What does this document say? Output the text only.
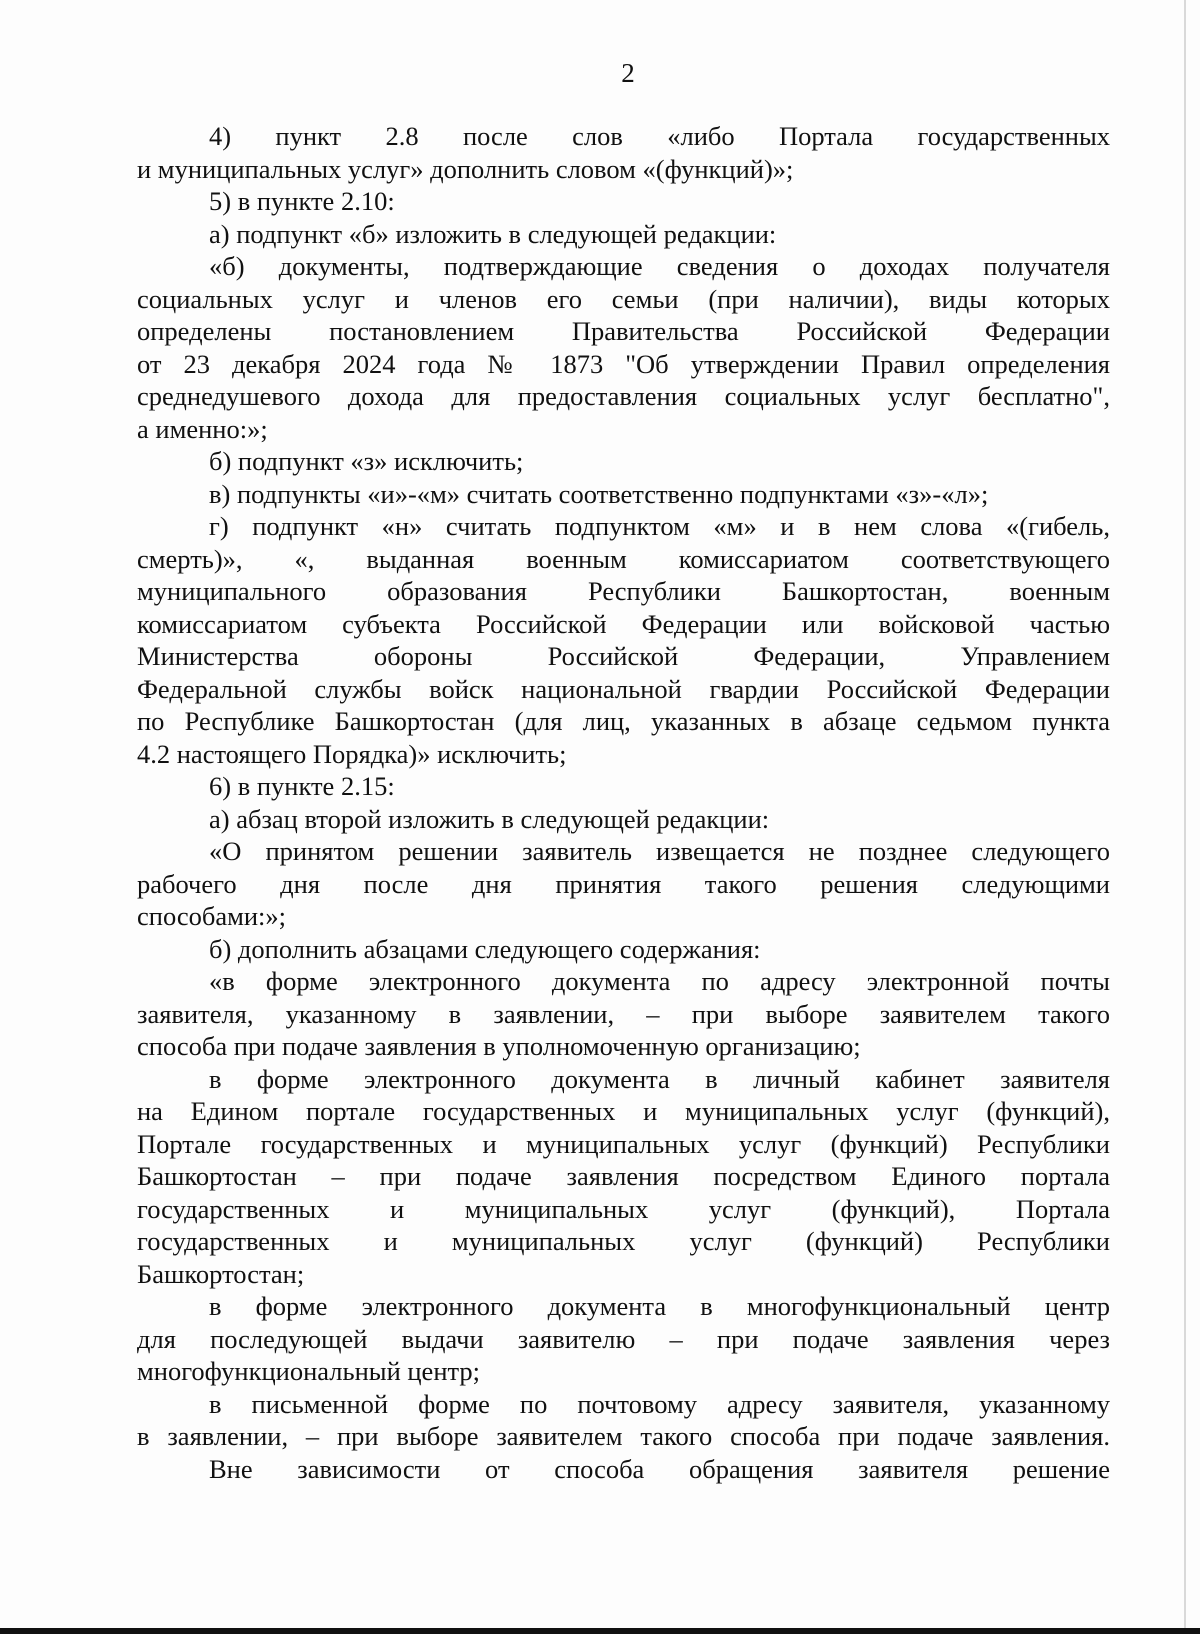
2
4) пункт 2.8 после слов «либо Портала государственных
и муниципальных услуг» дополнить словом «(функций)»;
5) в пункте 2.10:
а) подпункт «б» изложить в следующей редакции:
«б) документы, подтверждающие сведения о доходах получателя
социальных услуг и членов его семьи (при наличии), виды которых
определены постановлением Правительства Российской Федерации
от 23 декабря 2024 года № 1873 "Об утверждении Правил определения
среднедушевого дохода для предоставления социальных услуг бесплатно",
а именно:»;
б) подпункт «з» исключить;
в) подпункты «и»-«м» считать соответственно подпунктами «з»-«л»;
г) подпункт «н» считать подпунктом «м» и в нем слова «(гибель,
смерть)», «, выданная военным комиссариатом соответствующего
муниципального образования Республики Башкортостан, военным
комиссариатом субъекта Российской Федерации или войсковой частью
Министерства обороны Российской Федерации, Управлением
Федеральной службы войск национальной гвардии Российской Федерации
по Республике Башкортостан (для лиц, указанных в абзаце седьмом пункта
4.2 настоящего Порядка)» исключить;
6) в пункте 2.15:
а) абзац второй изложить в следующей редакции:
«О принятом решении заявитель извещается не позднее следующего
рабочего дня после дня принятия такого решения следующими
способами:»;
б) дополнить абзацами следующего содержания:
«в форме электронного документа по адресу электронной почты
заявителя, указанному в заявлении, – при выборе заявителем такого
способа при подаче заявления в уполномоченную организацию;
в форме электронного документа в личный кабинет заявителя
на Едином портале государственных и муниципальных услуг (функций),
Портале государственных и муниципальных услуг (функций) Республики
Башкортостан – при подаче заявления посредством Единого портала
государственных и муниципальных услуг (функций), Портала
государственных и муниципальных услуг (функций) Республики
Башкортостан;
в форме электронного документа в многофункциональный центр
для последующей выдачи заявителю – при подаче заявления через
многофункциональный центр;
в письменной форме по почтовому адресу заявителя, указанному
в заявлении, – при выборе заявителем такого способа при подаче заявления.
Вне зависимости от способа обращения заявителя решение
